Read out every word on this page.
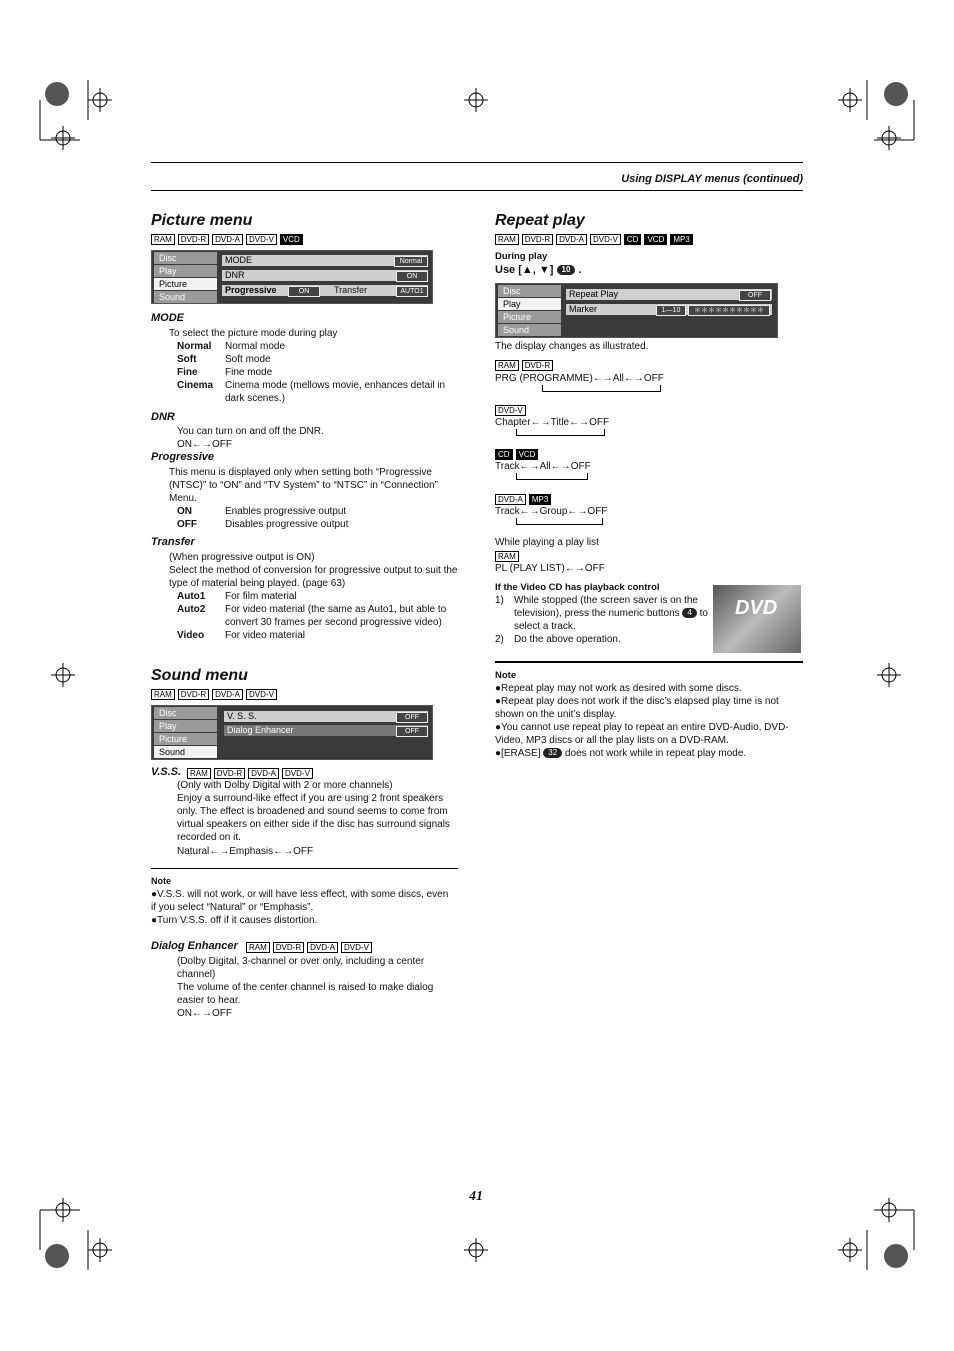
Using DISPLAY menus (continued)
Picture menu
RAM	DVD-R	DVD-A	DVD-V	VCD
Disc
Play
Picture
Sound
MODE	Normal
DNR	ON
Progressive	ON	Transfer	AUTO1
MODE
To select the picture mode during play
Normal Normal mode
Soft	Soft mode
Fine	Fine mode
Cinema Cinema mode (mellows movie, enhances detail in dark scenes.)
DNR
You can turn on and off the DNR.
ON←→OFF
Progressive
This menu is displayed only when setting both “Progressive (NTSC)” to “ON” and “TV System” to “NTSC” in “Connection” Menu.
ON	Enables progressive output
OFF	Disables progressive output
Transfer
(When progressive output is ON)
Select the method of conversion for progressive output to suit the type of material being played. (page 63)
Auto1 For film material
Auto2 For video material (the same as Auto1, but able to convert 30 frames per second progressive video)
Video For video material
Sound menu
RAM	DVD-R	DVD-A	DVD-V
Disc
Play
Picture
Sound
V. S. S.	OFF
Dialog Enhancer	OFF
V.S.S.	RAM	DVD-R	DVD-A	DVD-V
(Only with Dolby Digital with 2 or more channels)
Enjoy a surround-like effect if you are using 2 front speakers only. The effect is broadened and sound seems to come from virtual speakers on either side if the disc has surround signals recorded on it.
Natural←→Emphasis←→OFF
Note
●V.S.S. will not work, or will have less effect, with some discs, even if you select “Natural” or “Emphasis”.
●Turn V.S.S. off if it causes distortion.
Dialog Enhancer	RAM	DVD-R	DVD-A	DVD-V
(Dolby Digital, 3-channel or over only, including a center channel)
The volume of the center channel is raised to make dialog easier to hear.
ON←→OFF
Repeat play
RAM	DVD-R	DVD-A	DVD-V	CD	VCD	MP3
During play
Use [▲, ▼] 10 .
Disc
Play
Picture
Sound
Repeat Play	OFF
Marker	1—10	＊＊＊＊＊＊＊＊＊＊
The display changes as illustrated.
RAM	DVD-R
PRG (PROGRAMME)←→All←→OFF
DVD-V
Chapter←→Title←→OFF
CD	VCD
Track←→All←→OFF
DVD-A	MP3
Track←→Group←→OFF
While playing a play list
RAM
PL (PLAY LIST)←→OFF
If the Video CD has playback control
1) While stopped (the screen saver is on the television), press the numeric buttons 4 to select a track.
2) Do the above operation.
DVD
Note
●Repeat play may not work as desired with some discs.
●Repeat play does not work if the disc’s elapsed play time is not shown on the unit’s display.
●You cannot use repeat play to repeat an entire DVD-Audio, DVD-Video, MP3 discs or all the play lists on a DVD-RAM.
●[ERASE] 32 does not work while in repeat play mode.
41
